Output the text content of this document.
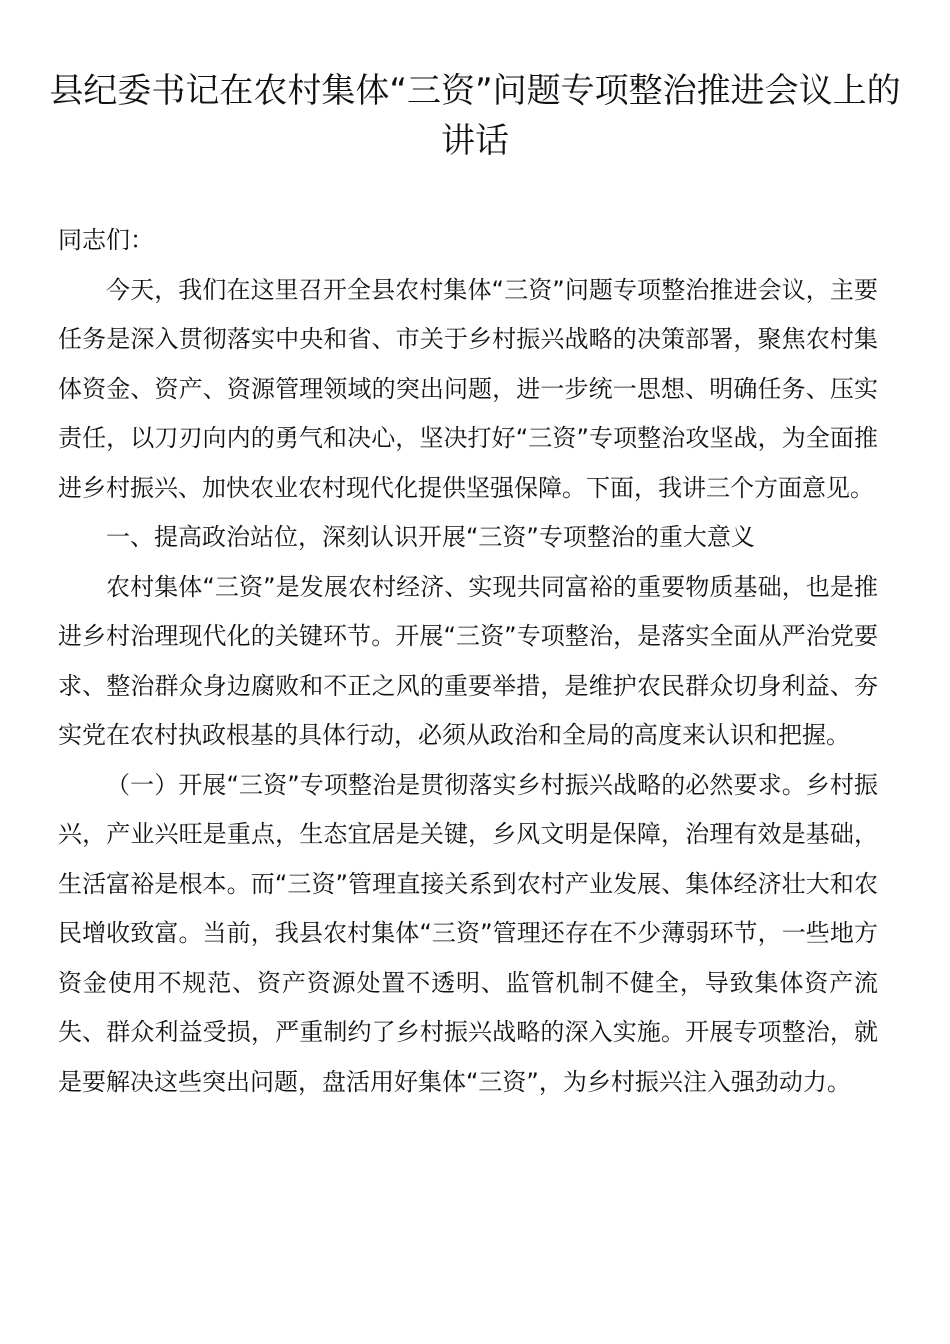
县纪委书记在农村集体“三资”问题专项整治推进会议上的讲话

同志们：

今天，我们在这里召开全县农村集体“三资”问题专项整治推进会议，主要任务是深入贯彻落实中央和省、市关于乡村振兴战略的决策部署，聚焦农村集体资金、资产、资源管理领域的突出问题，进一步统一思想、明确任务、压实责任，以刀刃向内的勇气和决心，坚决打好“三资”专项整治攻坚战，为全面推进乡村振兴、加快农业农村现代化提供坚强保障。下面，我讲三个方面意见。

一、提高政治站位，深刻认识开展“三资”专项整治的重大意义

农村集体“三资”是发展农村经济、实现共同富裕的重要物质基础，也是推进乡村治理现代化的关键环节。开展“三资”专项整治，是落实全面从严治党要求、整治群众身边腐败和不正之风的重要举措，是维护农民群众切身利益、夯实党在农村执政根基的具体行动，必须从政治和全局的高度来认识和把握。

（一）开展“三资”专项整治是贯彻落实乡村振兴战略的必然要求。乡村振兴，产业兴旺是重点，生态宜居是关键，乡风文明是保障，治理有效是基础，生活富裕是根本。而“三资”管理直接关系到农村产业发展、集体经济壮大和农民增收致富。当前，我县农村集体“三资”管理还存在不少薄弱环节，一些地方资金使用不规范、资产资源处置不透明、监管机制不健全，导致集体资产流失、群众利益受损，严重制约了乡村振兴战略的深入实施。开展专项整治，就是要解决这些突出问题，盘活用好集体“三资”，为乡村振兴注入强劲动力。
